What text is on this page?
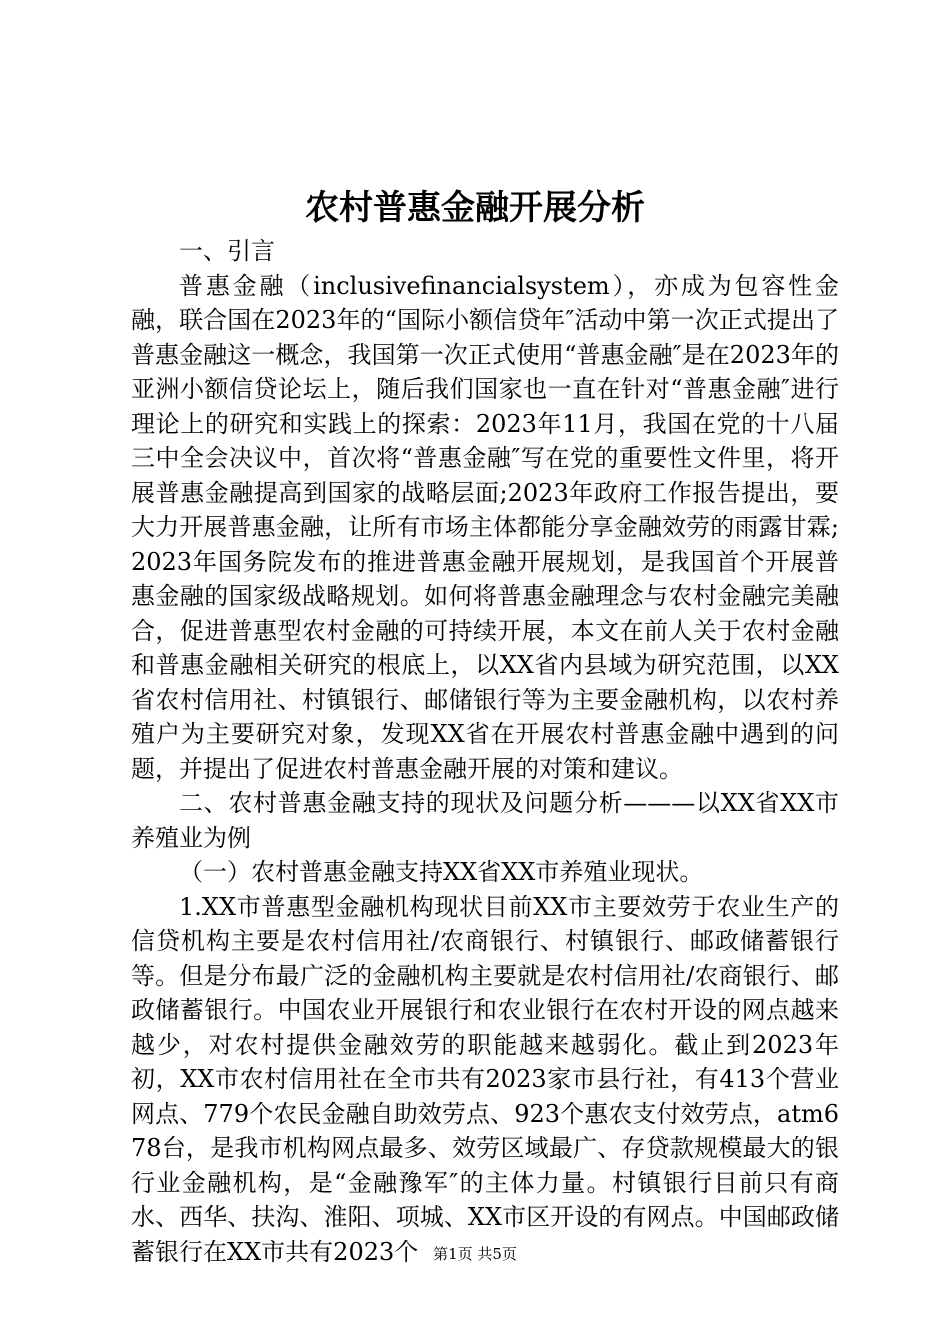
农村普惠金融开展分析

一、引言

普惠金融（inclusivefinancialsystem），亦成为包容性金融，联合国在2023年的“国际小额信贷年″活动中第一次正式提出了普惠金融这一概念，我国第一次正式使用“普惠金融″是在2023年的亚洲小额信贷论坛上，随后我们国家也一直在针对“普惠金融″进行理论上的研究和实践上的探索：2023年11月，我国在党的十八届三中全会决议中，首次将“普惠金融″写在党的重要性文件里，将开展普惠金融提高到国家的战略层面;2023年政府工作报告提出，要大力开展普惠金融，让所有市场主体都能分享金融效劳的雨露甘霖;2023年国务院发布的推进普惠金融开展规划，是我国首个开展普惠金融的国家级战略规划。如何将普惠金融理念与农村金融完美融合，促进普惠型农村金融的可持续开展，本文在前人关于农村金融和普惠金融相关研究的根底上，以XX省内县域为研究范围，以XX省农村信用社、村镇银行、邮储银行等为主要金融机构，以农村养殖户为主要研究对象，发现XX省在开展农村普惠金融中遇到的问题，并提出了促进农村普惠金融开展的对策和建议。

二、农村普惠金融支持的现状及问题分析———以XX省XX市养殖业为例

（一）农村普惠金融支持XX省XX市养殖业现状。

1.XX市普惠型金融机构现状目前XX市主要效劳于农业生产的信贷机构主要是农村信用社/农商银行、村镇银行、邮政储蓄银行等。但是分布最广泛的金融机构主要就是农村信用社/农商银行、邮政储蓄银行。中国农业开展银行和农业银行在农村开设的网点越来越少，对农村提供金融效劳的职能越来越弱化。截止到2023年初，XX市农村信用社在全市共有2023家市县行社，有413个营业网点、779个农民金融自助效劳点、923个惠农支付效劳点，atm678台，是我市机构网点最多、效劳区域最广、存贷款规模最大的银行业金融机构，是“金融豫军″的主体力量。村镇银行目前只有商水、西华、扶沟、淮阳、项城、XX市区开设的有网点。中国邮政储蓄银行在XX市共有2023个 第1页 共5页
